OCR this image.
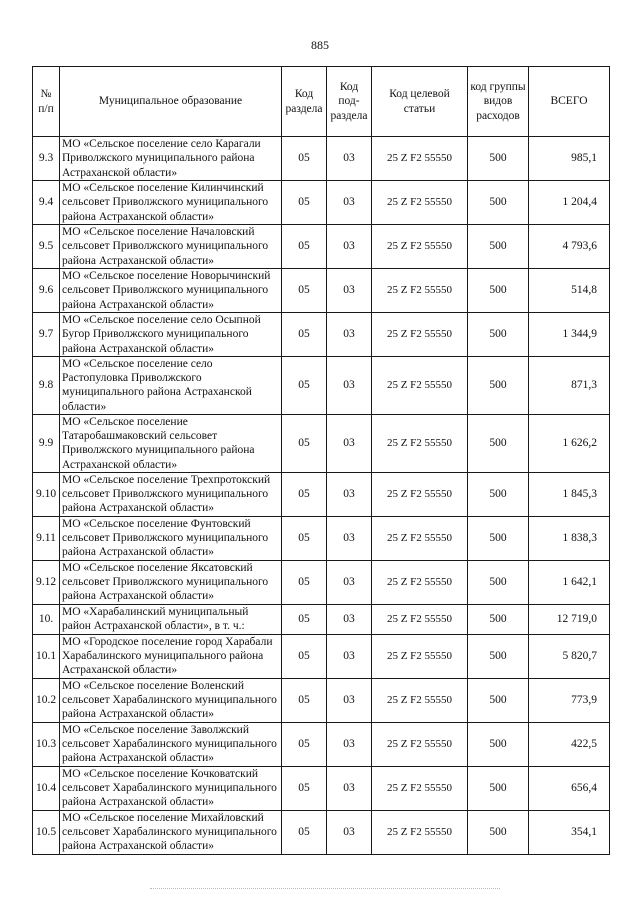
885
№ п/п	Муниципальное образование	Код раздела	Код под-раздела	Код целевой статьи	код группы видов расходов	ВСЕГО
9.3	МО «Сельское поселение село Карагали Приволжского муниципального района Астраханской области»	05	03	25 Z F2 55550	500	985,1
9.4	МО «Сельское поселение Килинчинский сельсовет Приволжского муниципального района Астраханской области»	05	03	25 Z F2 55550	500	1 204,4
9.5	МО «Сельское поселение Началовский сельсовет Приволжского муниципального района Астраханской области»	05	03	25 Z F2 55550	500	4 793,6
9.6	МО «Сельское поселение Новорычинский сельсовет Приволжского муниципального района Астраханской области»	05	03	25 Z F2 55550	500	514,8
9.7	МО «Сельское поселение село Осыпной Бугор Приволжского муниципального района Астраханской области»	05	03	25 Z F2 55550	500	1 344,9
9.8	МО «Сельское поселение село Растопуловка Приволжского муниципального района Астраханской области»	05	03	25 Z F2 55550	500	871,3
9.9	МО «Сельское поселение Татаробашмаковский сельсовет Приволжского муниципального района Астраханской области»	05	03	25 Z F2 55550	500	1 626,2
9.10	МО «Сельское поселение Трехпротокский сельсовет Приволжского муниципального района Астраханской области»	05	03	25 Z F2 55550	500	1 845,3
9.11	МО «Сельское поселение Фунтовский сельсовет Приволжского муниципального района Астраханской области»	05	03	25 Z F2 55550	500	1 838,3
9.12	МО «Сельское поселение Яксатовский сельсовет Приволжского муниципального района Астраханской области»	05	03	25 Z F2 55550	500	1 642,1
10.	МО «Харабалинский муниципальный район Астраханской области», в т. ч.:	05	03	25 Z F2 55550	500	12 719,0
10.1	МО «Городское поселение город Харабали Харабалинского муниципального района Астраханской области»	05	03	25 Z F2 55550	500	5 820,7
10.2	МО «Сельское поселение Воленский сельсовет Харабалинского муниципального района Астраханской области»	05	03	25 Z F2 55550	500	773,9
10.3	МО «Сельское поселение Заволжский сельсовет Харабалинского муниципального района Астраханской области»	05	03	25 Z F2 55550	500	422,5
10.4	МО «Сельское поселение Кочковатский сельсовет Харабалинского муниципального района Астраханской области»	05	03	25 Z F2 55550	500	656,4
10.5	МО «Сельское поселение Михайловский сельсовет Харабалинского муниципального района Астраханской области»	05	03	25 Z F2 55550	500	354,1
